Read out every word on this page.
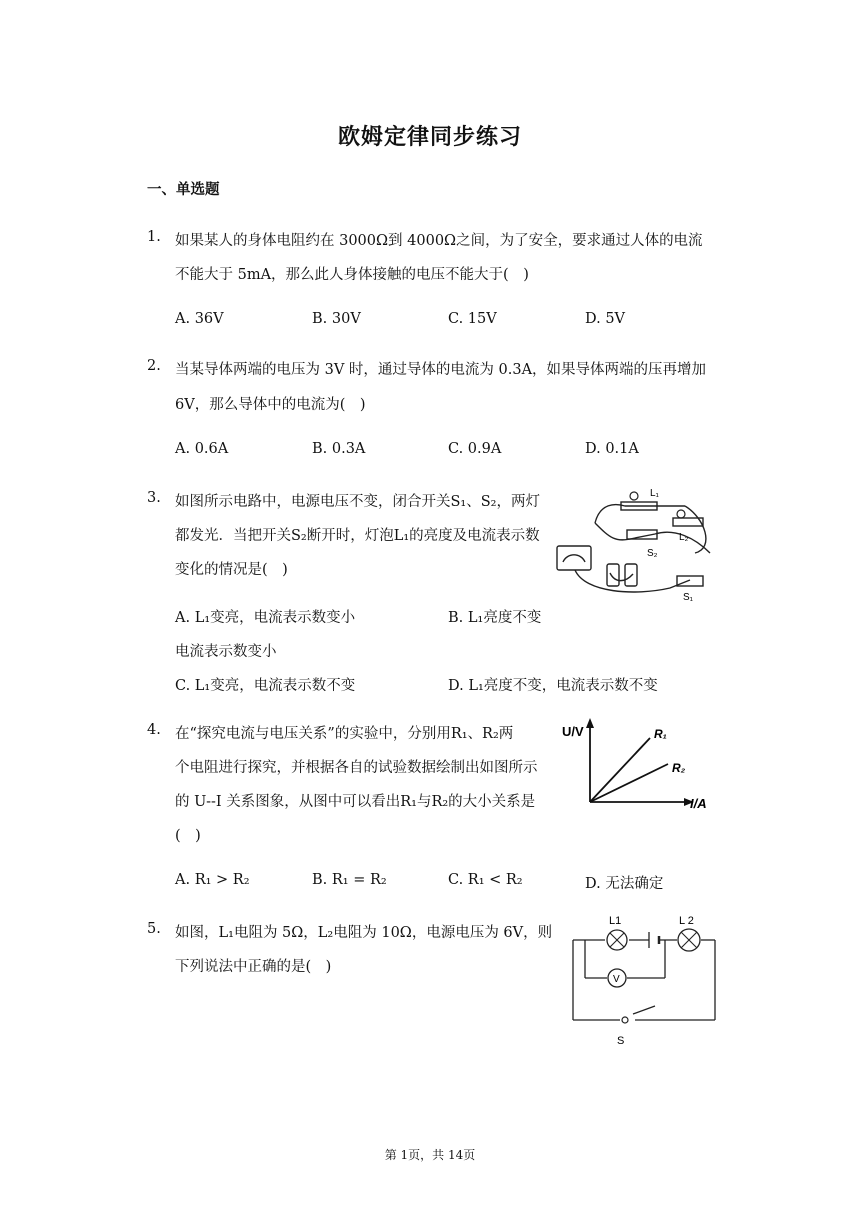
欧姆定律同步练习
一、单选题
1. 如果某人的身体电阻约在 3000Ω到 4000Ω之间，为了安全，要求通过人体的电流
不能大于 5mA，那么此人身体接触的电压不能大于(　)
A. 36V	B. 30V	C. 15V	D. 5V
2. 当某导体两端的电压为 3V 时，通过导体的电流为 0.3A，如果导体两端的压再增加
6V，那么导体中的电流为(　)
A. 0.6A	B. 0.3A	C. 0.9A	D. 0.1A
3. 如图所示电路中，电源电压不变，闭合开关S₁、S₂，两灯
都发光．当把开关S₂断开时，灯泡L₁的亮度及电流表示数
变化的情况是(　)
A. L₁变亮，电流表示数变小	B. L₁亮度不变
电流表示数变小
C. L₁变亮，电流表示数不变	D. L₁亮度不变，电流表示数不变
L₁
L₂
S₂
S₁
4. 在“探究电流与电压关系”的实验中，分别用R₁、R₂两
个电阻进行探究，并根据各自的试验数据绘制出如图所示
的 U--I 关系图象，从图中可以看出R₁与R₂的大小关系是
(　)
A. R₁ > R₂	B. R₁ = R₂	C. R₁ < R₂	D. 无法确定
U/V
I/A
R₁
R₂
5. 如图，L₁电阻为 5Ω，L₂电阻为 10Ω，电源电压为 6V，则
下列说法中正确的是(　)
V
L1	L 2
S
第 1页，共 14页
